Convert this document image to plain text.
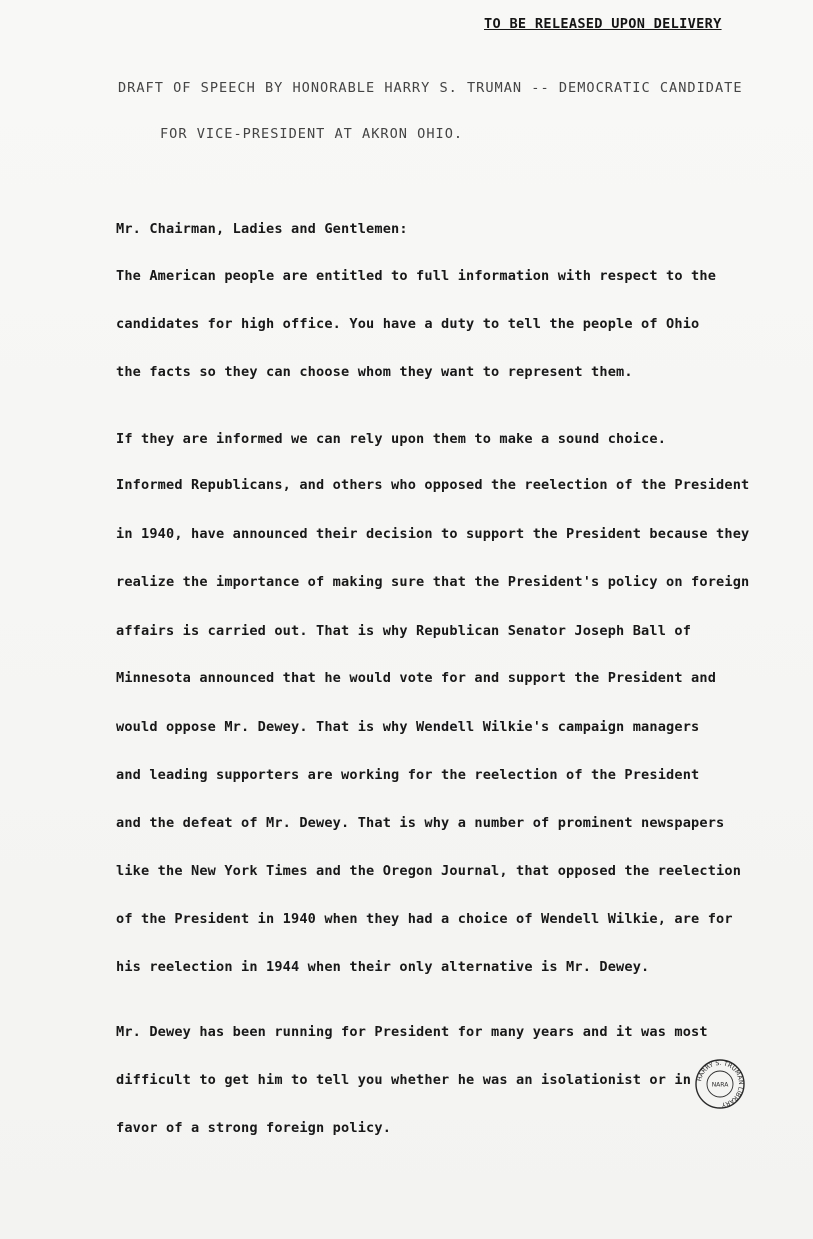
TO BE RELEASED UPON DELIVERY
DRAFT OF SPEECH BY HONORABLE HARRY S. TRUMAN -- DEMOCRATIC CANDIDATE
FOR VICE-PRESIDENT AT AKRON OHIO.
Mr. Chairman, Ladies and Gentlemen:
The American people are entitled to full information with respect to the
candidates for high office. You have a duty to tell the people of Ohio
the facts so they can choose whom they want to represent them.
If they are informed we can rely upon them to make a sound choice.
Informed Republicans, and others who opposed the reelection of the President
in 1940, have announced their decision to support the President because they
realize the importance of making sure that the President's policy on foreign
affairs is carried out. That is why Republican Senator Joseph Ball of
Minnesota announced that he would vote for and support the President and
would oppose Mr. Dewey. That is why Wendell Wilkie's campaign managers
and leading supporters are working for the reelection of the President
and the defeat of Mr. Dewey. That is why a number of prominent newspapers
like the New York Times and the Oregon Journal, that opposed the reelection
of the President in 1940 when they had a choice of Wendell Wilkie, are for
his reelection in 1944 when their only alternative is Mr. Dewey.
Mr. Dewey has been running for President for many years and it was most
difficult to get him to tell you whether he was an isolationist or in
favor of a strong foreign policy.
HARRY S. TRUMAN LIBRARY
NARA
